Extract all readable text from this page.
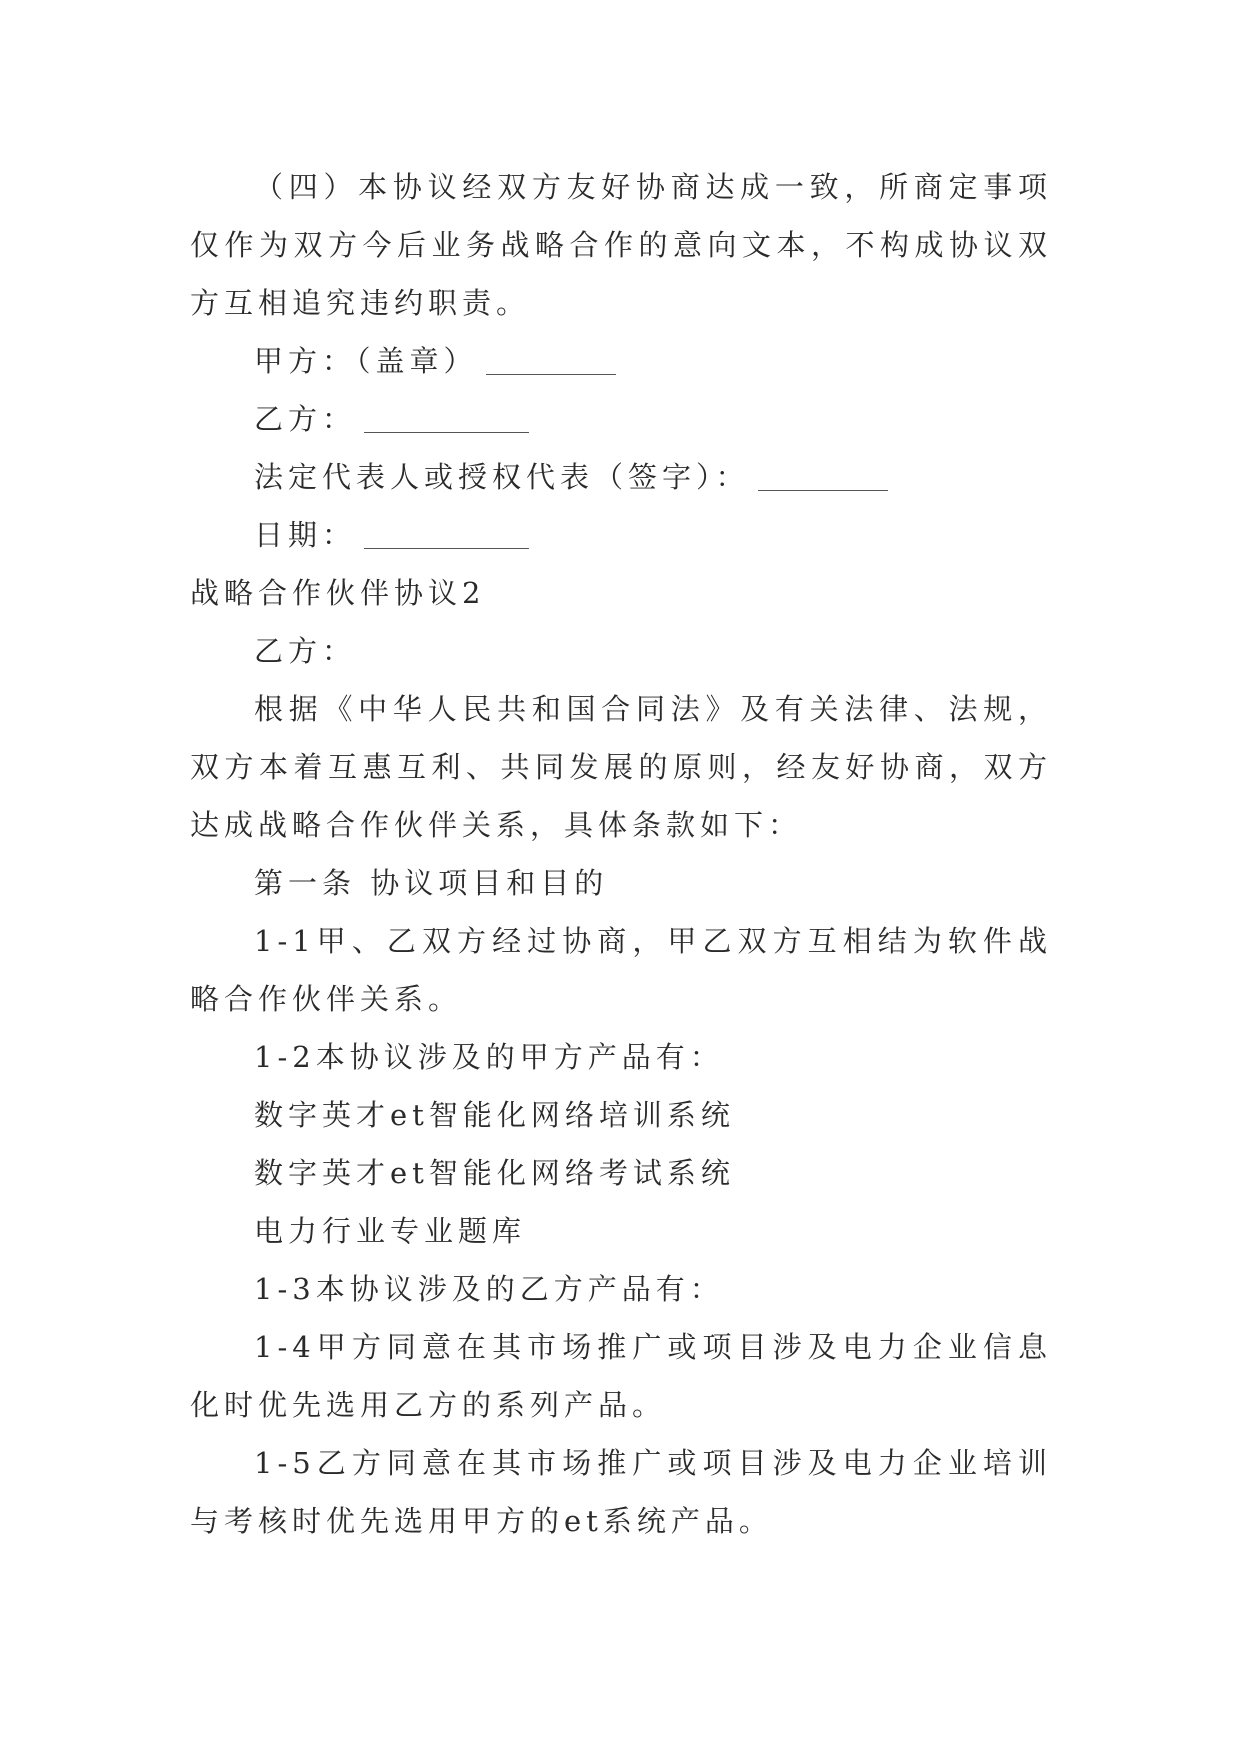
（四）本协议经双方友好协商达成一致，所商定事项仅作为双方今后业务战略合作的意向文本，不构成协议双方互相追究违约职责。

甲方：（盖章）

乙方：

法定代表人或授权代表（签字）：

日期：

战略合作伙伴协议2

乙方：

根据《中华人民共和国合同法》及有关法律、法规，双方本着互惠互利、共同发展的原则，经友好协商，双方达成战略合作伙伴关系，具体条款如下：

第一条 协议项目和目的

1-1甲、乙双方经过协商，甲乙双方互相结为软件战略合作伙伴关系。

1-2本协议涉及的甲方产品有：

数字英才et智能化网络培训系统

数字英才et智能化网络考试系统

电力行业专业题库

1-3本协议涉及的乙方产品有：

1-4甲方同意在其市场推广或项目涉及电力企业信息化时优先选用乙方的系列产品。

1-5乙方同意在其市场推广或项目涉及电力企业培训与考核时优先选用甲方的et系统产品。
